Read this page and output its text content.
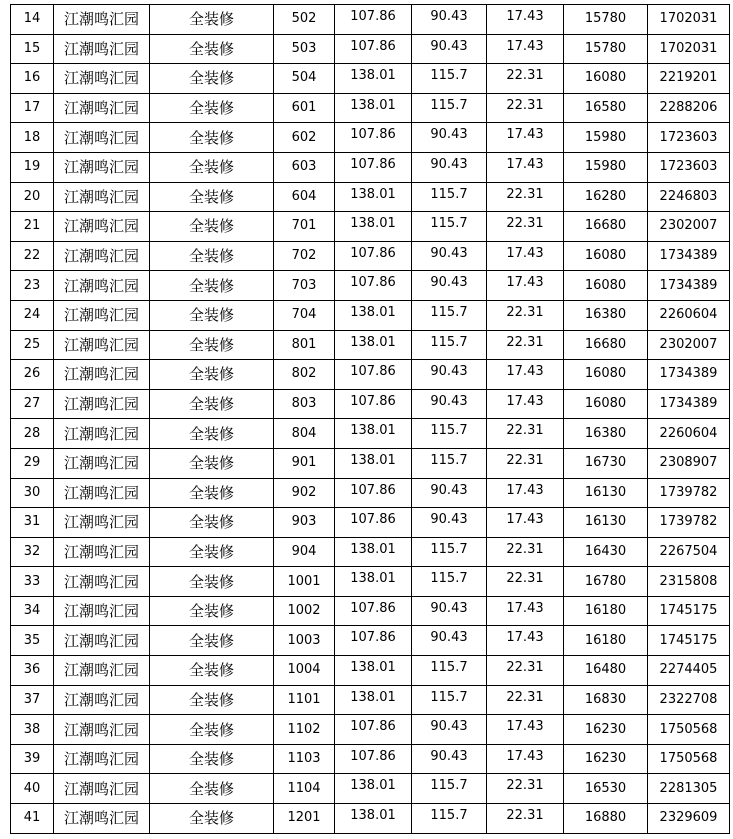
14	江潮鸣汇园	全装修	502	107.86	90.43	17.43	15780	1702031
15	江潮鸣汇园	全装修	503	107.86	90.43	17.43	15780	1702031
16	江潮鸣汇园	全装修	504	138.01	115.7	22.31	16080	2219201
17	江潮鸣汇园	全装修	601	138.01	115.7	22.31	16580	2288206
18	江潮鸣汇园	全装修	602	107.86	90.43	17.43	15980	1723603
19	江潮鸣汇园	全装修	603	107.86	90.43	17.43	15980	1723603
20	江潮鸣汇园	全装修	604	138.01	115.7	22.31	16280	2246803
21	江潮鸣汇园	全装修	701	138.01	115.7	22.31	16680	2302007
22	江潮鸣汇园	全装修	702	107.86	90.43	17.43	16080	1734389
23	江潮鸣汇园	全装修	703	107.86	90.43	17.43	16080	1734389
24	江潮鸣汇园	全装修	704	138.01	115.7	22.31	16380	2260604
25	江潮鸣汇园	全装修	801	138.01	115.7	22.31	16680	2302007
26	江潮鸣汇园	全装修	802	107.86	90.43	17.43	16080	1734389
27	江潮鸣汇园	全装修	803	107.86	90.43	17.43	16080	1734389
28	江潮鸣汇园	全装修	804	138.01	115.7	22.31	16380	2260604
29	江潮鸣汇园	全装修	901	138.01	115.7	22.31	16730	2308907
30	江潮鸣汇园	全装修	902	107.86	90.43	17.43	16130	1739782
31	江潮鸣汇园	全装修	903	107.86	90.43	17.43	16130	1739782
32	江潮鸣汇园	全装修	904	138.01	115.7	22.31	16430	2267504
33	江潮鸣汇园	全装修	1001	138.01	115.7	22.31	16780	2315808
34	江潮鸣汇园	全装修	1002	107.86	90.43	17.43	16180	1745175
35	江潮鸣汇园	全装修	1003	107.86	90.43	17.43	16180	1745175
36	江潮鸣汇园	全装修	1004	138.01	115.7	22.31	16480	2274405
37	江潮鸣汇园	全装修	1101	138.01	115.7	22.31	16830	2322708
38	江潮鸣汇园	全装修	1102	107.86	90.43	17.43	16230	1750568
39	江潮鸣汇园	全装修	1103	107.86	90.43	17.43	16230	1750568
40	江潮鸣汇园	全装修	1104	138.01	115.7	22.31	16530	2281305
41	江潮鸣汇园	全装修	1201	138.01	115.7	22.31	16880	2329609
